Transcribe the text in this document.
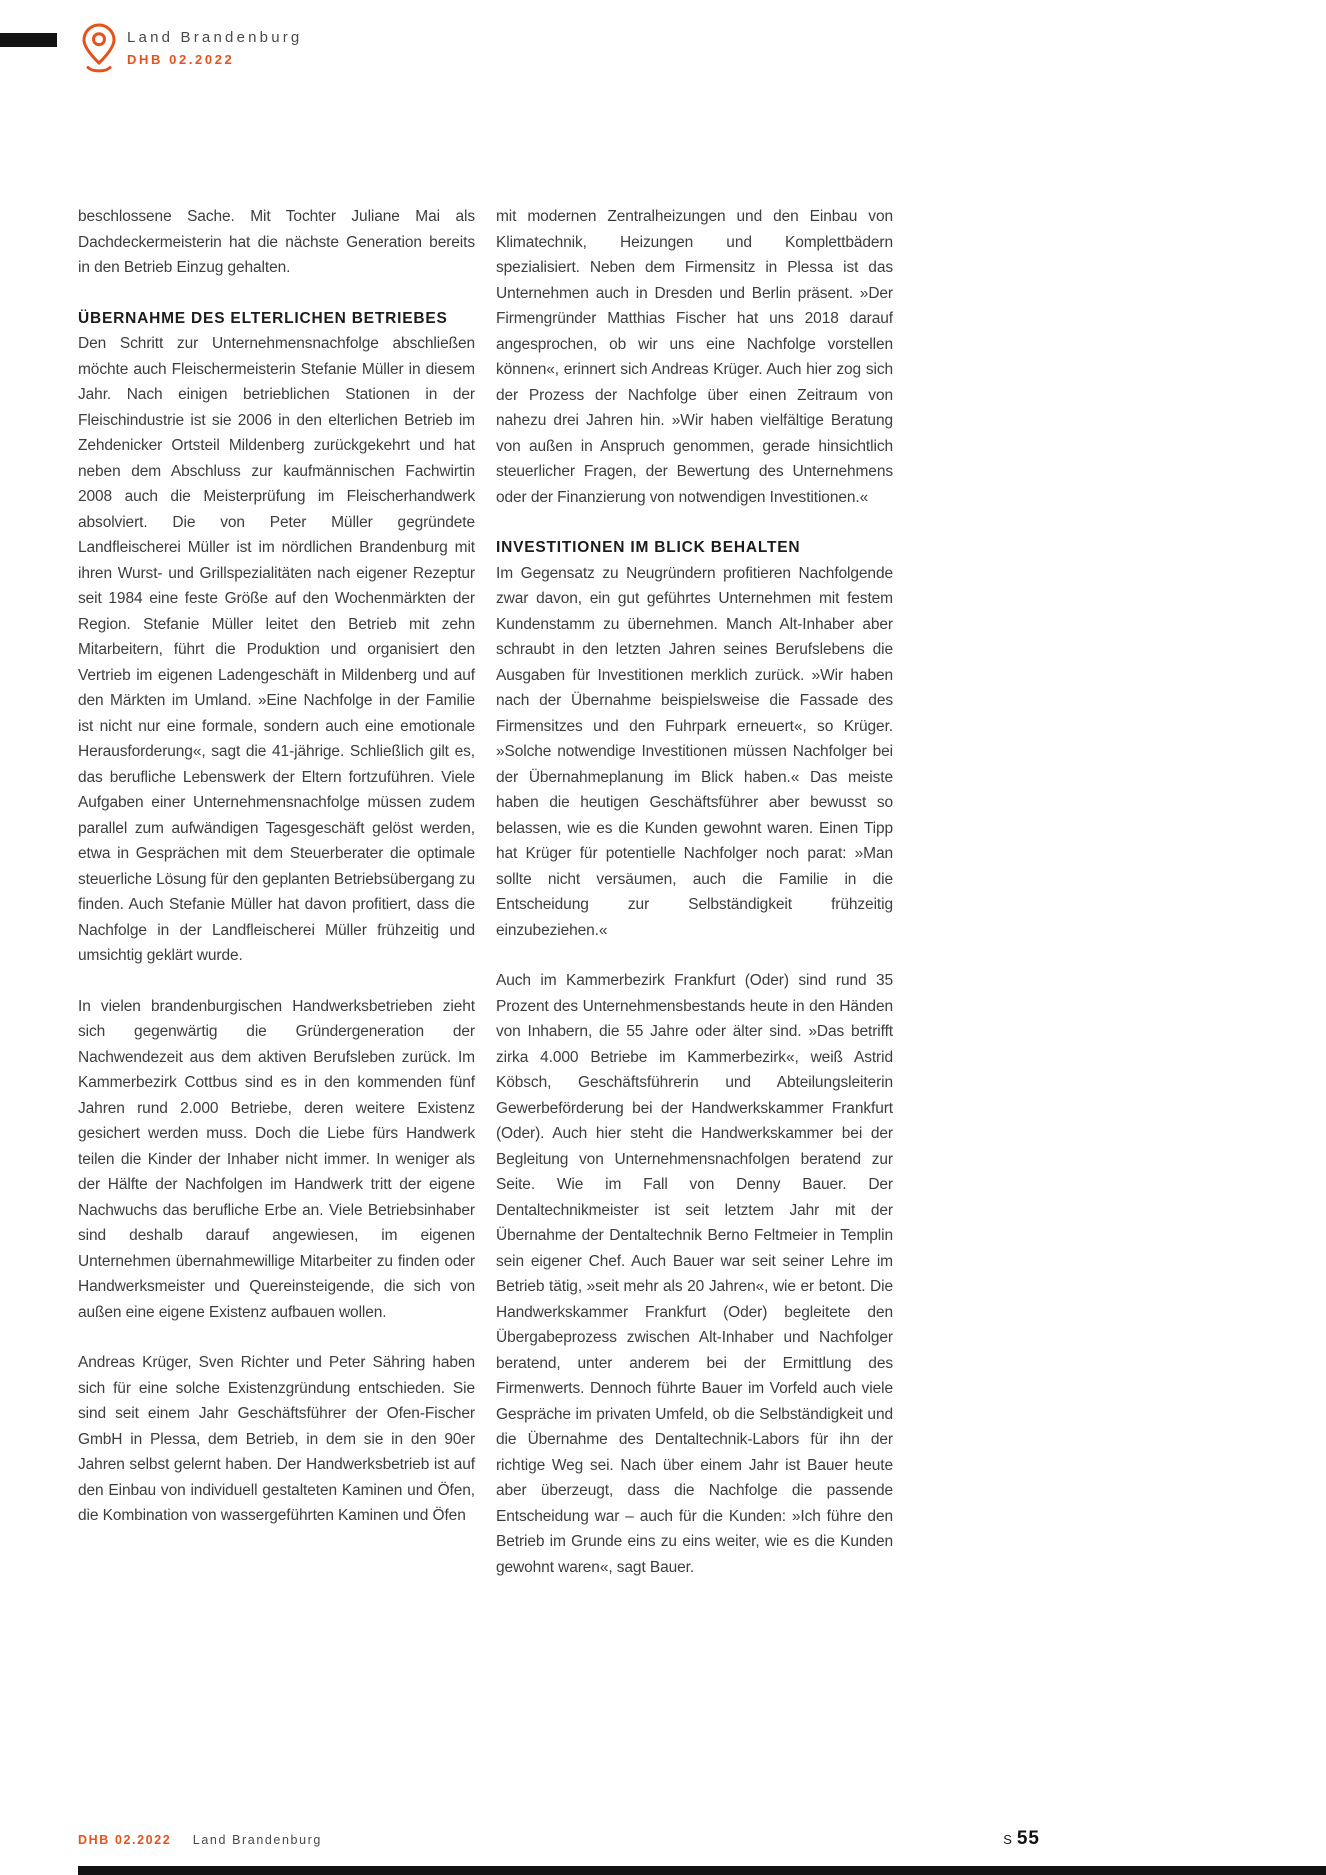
Land Brandenburg
DHB 02.2022

beschlossene Sache. Mit Tochter Juliane Mai als Dachdeckermeisterin hat die nächste Generation bereits in den Betrieb Einzug gehalten.

ÜBERNAHME DES ELTERLICHEN BETRIEBES

Den Schritt zur Unternehmensnachfolge abschließen möchte auch Fleischermeisterin Stefanie Müller in diesem Jahr. Nach einigen betrieblichen Stationen in der Fleischindustrie ist sie 2006 in den elterlichen Betrieb im Zehdenicker Ortsteil Mildenberg zurückgekehrt und hat neben dem Abschluss zur kaufmännischen Fachwirtin 2008 auch die Meisterprüfung im Fleischerhandwerk absolviert. Die von Peter Müller gegründete Landfleischerei Müller ist im nördlichen Brandenburg mit ihren Wurst- und Grillspezialitäten nach eigener Rezeptur seit 1984 eine feste Größe auf den Wochenmärkten der Region. Stefanie Müller leitet den Betrieb mit zehn Mitarbeitern, führt die Produktion und organisiert den Vertrieb im eigenen Ladengeschäft in Mildenberg und auf den Märkten im Umland. »Eine Nachfolge in der Familie ist nicht nur eine formale, sondern auch eine emotionale Herausforderung«, sagt die 41-jährige. Schließlich gilt es, das berufliche Lebenswerk der Eltern fortzuführen. Viele Aufgaben einer Unternehmensnachfolge müssen zudem parallel zum aufwändigen Tagesgeschäft gelöst werden, etwa in Gesprächen mit dem Steuerberater die optimale steuerliche Lösung für den geplanten Betriebsübergang zu finden. Auch Stefanie Müller hat davon profitiert, dass die Nachfolge in der Landfleischerei Müller frühzeitig und umsichtig geklärt wurde.

In vielen brandenburgischen Handwerksbetrieben zieht sich gegenwärtig die Gründergeneration der Nachwendezeit aus dem aktiven Berufsleben zurück. Im Kammerbezirk Cottbus sind es in den kommenden fünf Jahren rund 2.000 Betriebe, deren weitere Existenz gesichert werden muss. Doch die Liebe fürs Handwerk teilen die Kinder der Inhaber nicht immer. In weniger als der Hälfte der Nachfolgen im Handwerk tritt der eigene Nachwuchs das berufliche Erbe an. Viele Betriebsinhaber sind deshalb darauf angewiesen, im eigenen Unternehmen übernahmewillige Mitarbeiter zu finden oder Handwerksmeister und Quereinsteigende, die sich von außen eine eigene Existenz aufbauen wollen.

Andreas Krüger, Sven Richter und Peter Sähring haben sich für eine solche Existenzgründung entschieden. Sie sind seit einem Jahr Geschäftsführer der Ofen-Fischer GmbH in Plessa, dem Betrieb, in dem sie in den 90er Jahren selbst gelernt haben. Der Handwerksbetrieb ist auf den Einbau von individuell gestalteten Kaminen und Öfen, die Kombination von wassergeführten Kaminen und Öfen

mit modernen Zentralheizungen und den Einbau von Klimatechnik, Heizungen und Komplettbädern spezialisiert. Neben dem Firmensitz in Plessa ist das Unternehmen auch in Dresden und Berlin präsent. »Der Firmengründer Matthias Fischer hat uns 2018 darauf angesprochen, ob wir uns eine Nachfolge vorstellen können«, erinnert sich Andreas Krüger. Auch hier zog sich der Prozess der Nachfolge über einen Zeitraum von nahezu drei Jahren hin. »Wir haben vielfältige Beratung von außen in Anspruch genommen, gerade hinsichtlich steuerlicher Fragen, der Bewertung des Unternehmens oder der Finanzierung von notwendigen Investitionen.«

INVESTITIONEN IM BLICK BEHALTEN

Im Gegensatz zu Neugründern profitieren Nachfolgende zwar davon, ein gut geführtes Unternehmen mit festem Kundenstamm zu übernehmen. Manch Alt-Inhaber aber schraubt in den letzten Jahren seines Berufslebens die Ausgaben für Investitionen merklich zurück. »Wir haben nach der Übernahme beispielsweise die Fassade des Firmensitzes und den Fuhrpark erneuert«, so Krüger. »Solche notwendige Investitionen müssen Nachfolger bei der Übernahmeplanung im Blick haben.« Das meiste haben die heutigen Geschäftsführer aber bewusst so belassen, wie es die Kunden gewohnt waren. Einen Tipp hat Krüger für potentielle Nachfolger noch parat: »Man sollte nicht versäumen, auch die Familie in die Entscheidung zur Selbständigkeit frühzeitig einzubeziehen.«

Auch im Kammerbezirk Frankfurt (Oder) sind rund 35 Prozent des Unternehmensbestands heute in den Händen von Inhabern, die 55 Jahre oder älter sind. »Das betrifft zirka 4.000 Betriebe im Kammerbezirk«, weiß Astrid Köbsch, Geschäftsführerin und Abteilungsleiterin Gewerbeförderung bei der Handwerkskammer Frankfurt (Oder). Auch hier steht die Handwerkskammer bei der Begleitung von Unternehmensnachfolgen beratend zur Seite. Wie im Fall von Denny Bauer. Der Dentaltechnikmeister ist seit letztem Jahr mit der Übernahme der Dentaltechnik Berno Feltmeier in Templin sein eigener Chef. Auch Bauer war seit seiner Lehre im Betrieb tätig, »seit mehr als 20 Jahren«, wie er betont. Die Handwerkskammer Frankfurt (Oder) begleitete den Übergabeprozess zwischen Alt-Inhaber und Nachfolger beratend, unter anderem bei der Ermittlung des Firmenwerts. Dennoch führte Bauer im Vorfeld auch viele Gespräche im privaten Umfeld, ob die Selbständigkeit und die Übernahme des Dentaltechnik-Labors für ihn der richtige Weg sei. Nach über einem Jahr ist Bauer heute aber überzeugt, dass die Nachfolge die passende Entscheidung war – auch für die Kunden: »Ich führe den Betrieb im Grunde eins zu eins weiter, wie es die Kunden gewohnt waren«, sagt Bauer.

DHB 02.2022 Land Brandenburg	S 55
